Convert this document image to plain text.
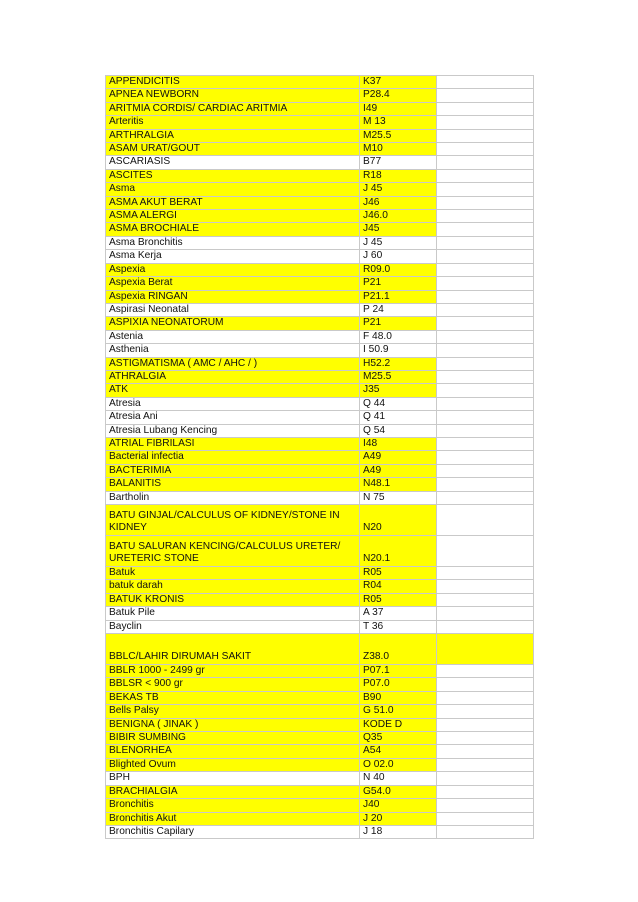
APPENDICITIS	K37	
APNEA NEWBORN	P28.4	
ARITMIA CORDIS/ CARDIAC ARITMIA	I49	
Arteritis	M 13	
ARTHRALGIA	M25.5	
ASAM URAT/GOUT	M10	
ASCARIASIS	B77	
ASCITES	R18	
Asma	J 45	
ASMA AKUT BERAT	J46	
ASMA ALERGI	J46.0	
ASMA BROCHIALE	J45	
Asma Bronchitis	J 45	
Asma Kerja	J 60	
Aspexia	R09.0	
Aspexia Berat	P21	
Aspexia RINGAN	P21.1	
Aspirasi Neonatal	P 24	
ASPIXIA NEONATORUM	P21	
Astenia	F 48.0	
Asthenia	I 50.9	
ASTIGMATISMA ( AMC / AHC / )	H52.2	
ATHRALGIA	M25.5	
ATK	J35	
Atresia	Q 44	
Atresia Ani	Q 41	
Atresia Lubang Kencing	Q 54	
ATRIAL FIBRILASI	I48	
Bacterial infectia	A49	
BACTERIMIA	A49	
BALANITIS	N48.1	
Bartholin	N 75	
BATU GINJAL/CALCULUS OF KIDNEY/STONE IN KIDNEY	N20	
BATU SALURAN KENCING/CALCULUS URETER/ URETERIC STONE	N20.1	
Batuk	R05	
batuk darah	R04	
BATUK KRONIS	R05	
Batuk Pile	A 37	
Bayclin	T 36	
BBLC/LAHIR DIRUMAH SAKIT	Z38.0	
BBLR 1000 - 2499 gr	P07.1	
BBLSR < 900 gr	P07.0	
BEKAS TB	B90	
Bells Palsy	G 51.0	
BENIGNA ( JINAK )	KODE D	
BIBIR SUMBING	Q35	
BLENORHEA	A54	
Blighted Ovum	O 02.0	
BPH	N 40	
BRACHIALGIA	G54.0	
Bronchitis	J40	
Bronchitis Akut	J 20	
Bronchitis Capilary	J 18	
